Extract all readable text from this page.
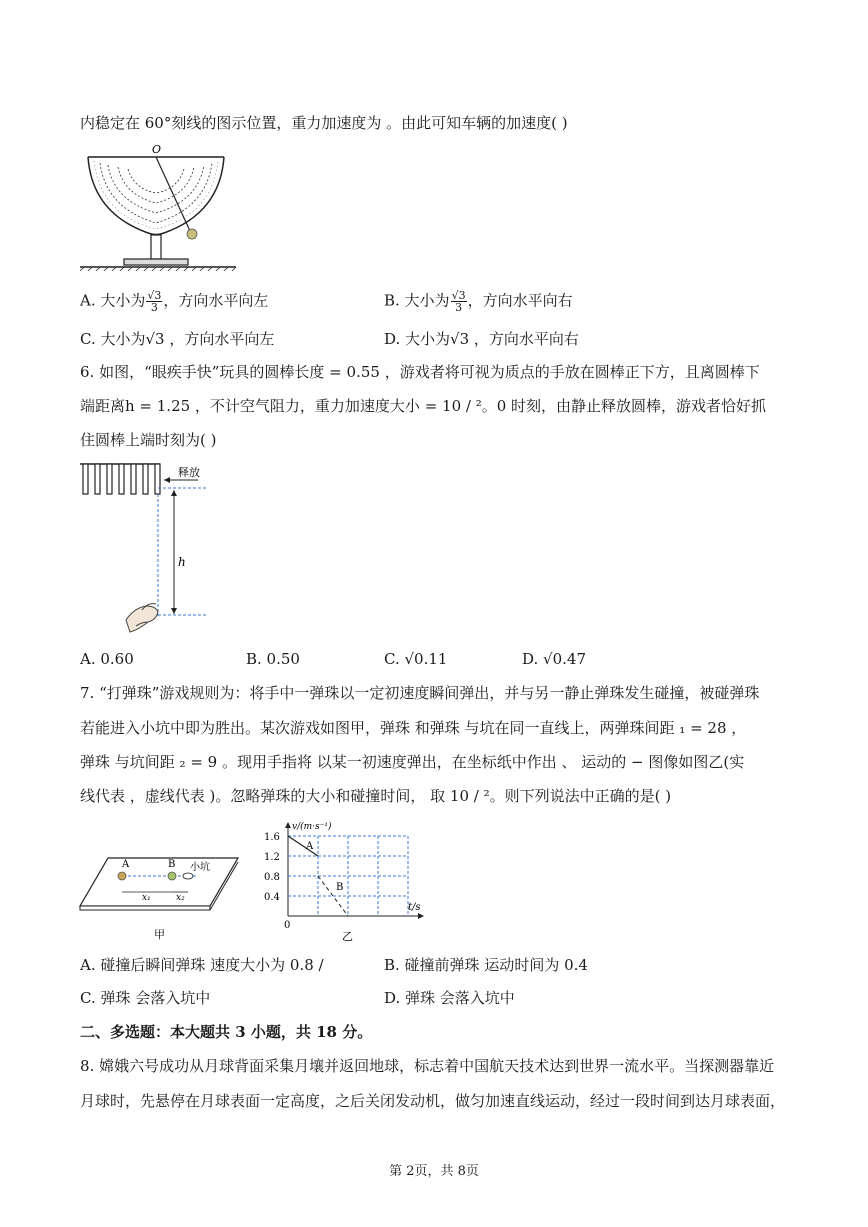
内稳定在 60°刻线的图示位置，重力加速度为 。由此可知车辆的加速度( )
O
A. 大小为 $\frac{√3}{3}$ ，方向水平向左	B. 大小为 $\frac{√3}{3}$ ，方向水平向右
C. 大小为√3 ，方向水平向左	D. 大小为√3 ，方向水平向右
6. 如图，“眼疾手快”玩具的圆棒长度 = 0.55 ，游戏者将可视为质点的手放在圆棒正下方，且离圆棒下
端距离h = 1.25 ，不计空气阻力，重力加速度大小 = 10 / ²。0 时刻，由静止释放圆棒，游戏者恰好抓
住圆棒上端时刻为( )
释放
h
A. 0.60	B. 0.50	C. √0.11	D. √0.47
7. “打弹珠”游戏规则为：将手中一弹珠以一定初速度瞬间弹出，并与另一静止弹珠发生碰撞，被碰弹珠
若能进入小坑中即为胜出。某次游戏如图甲，弹珠 和弹珠 与坑在同一直线上，两弹珠间距 ₁ = 28 ，
弹珠 与坑间距 ₂ = 9 。现用手指将 以某一初速度弹出，在坐标纸中作出 、 运动的 − 图像如图乙(实
线代表 ，虚线代表 )。忽略弹珠的大小和碰撞时间， 取 10 / ²。则下列说法中正确的是( )
A	B 小坑
x₁	x₂
甲
v/(m·s⁻¹)
t/s
0
1.6
1.2
0.8
0.4
A
B
乙
A. 碰撞后瞬间弹珠 速度大小为 0.8 /	B. 碰撞前弹珠 运动时间为 0.4
C. 弹珠 会落入坑中	D. 弹珠 会落入坑中
二、多选题：本大题共 3 小题，共 18 分。
8. 嫦娥六号成功从月球背面采集月壤并返回地球，标志着中国航天技术达到世界一流水平。当探测器靠近
月球时，先悬停在月球表面一定高度，之后关闭发动机，做匀加速直线运动，经过一段时间到达月球表面，
第 2页，共 8页
